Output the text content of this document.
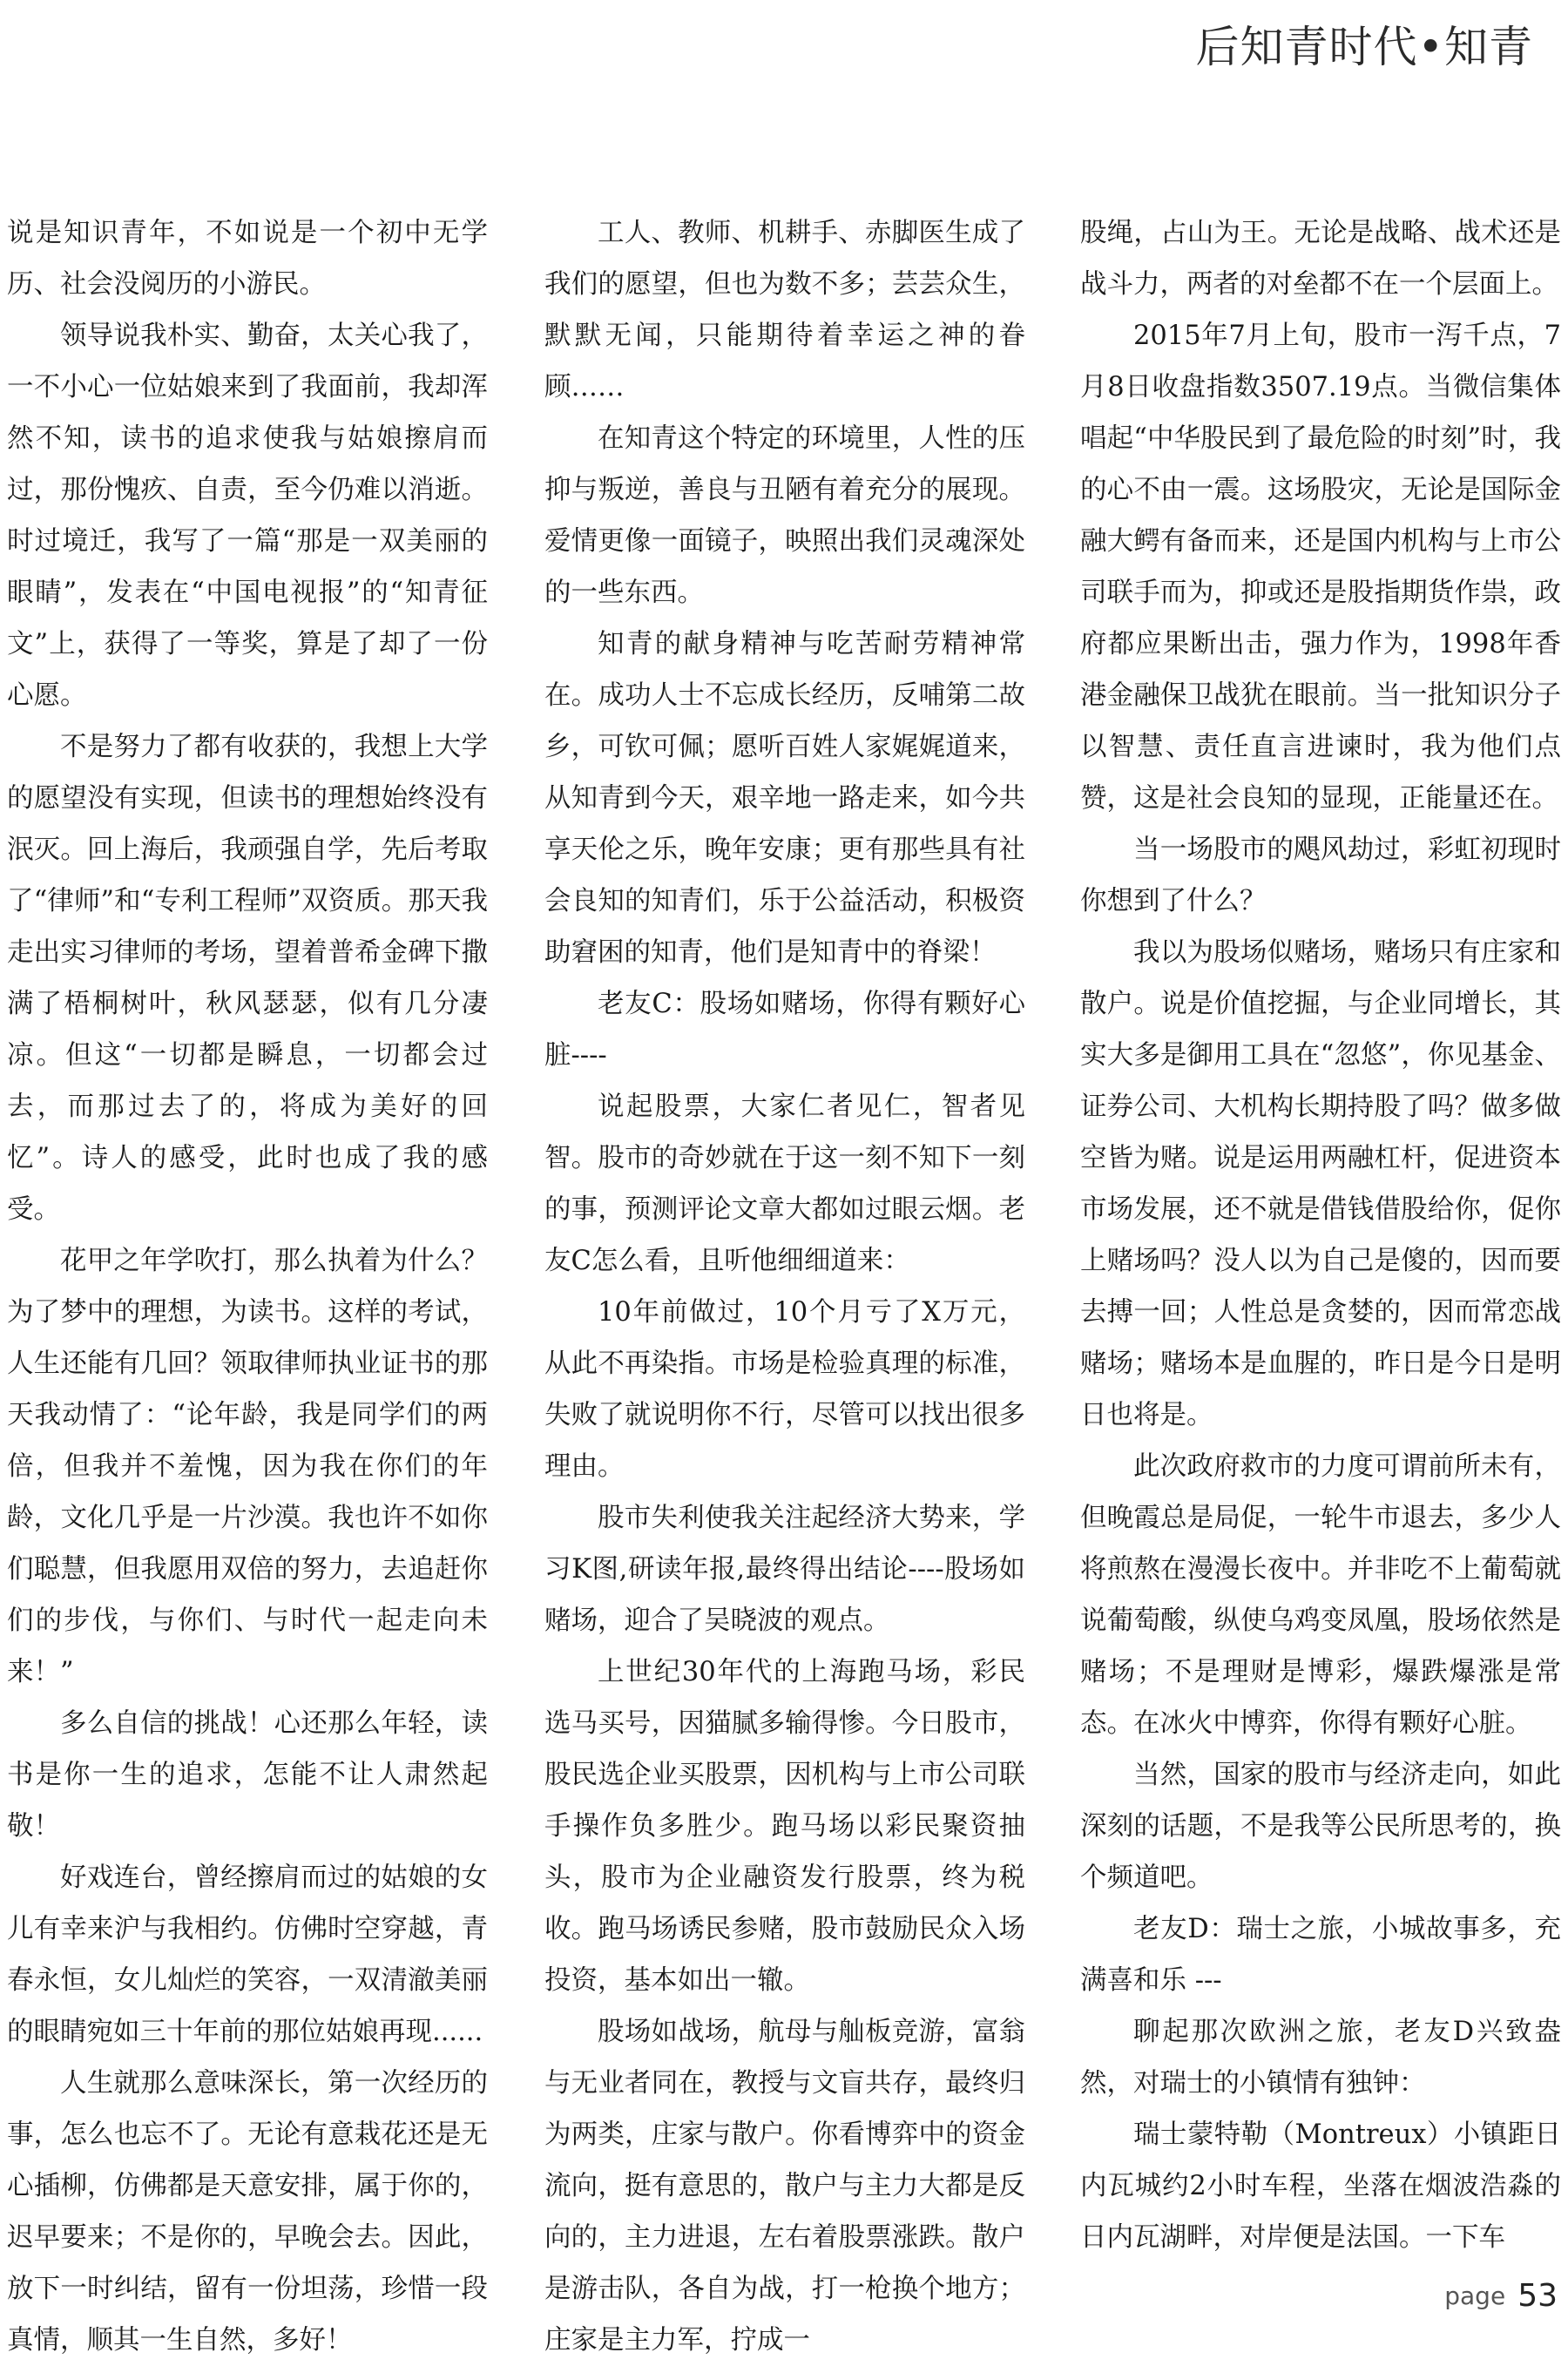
后知青时代•知青

说是知识青年，不如说是一个初中无学历、社会没阅历的小游民。

领导说我朴实、勤奋，太关心我了，一不小心一位姑娘来到了我面前，我却浑然不知，读书的追求使我与姑娘擦肩而过，那份愧疚、自责，至今仍难以消逝。时过境迁，我写了一篇“那是一双美丽的眼睛”，发表在“中国电视报”的“知青征文”上，获得了一等奖，算是了却了一份心愿。

不是努力了都有收获的，我想上大学的愿望没有实现，但读书的理想始终没有泯灭。回上海后，我顽强自学，先后考取了“律师”和“专利工程师”双资质。那天我走出实习律师的考场，望着普希金碑下撒满了梧桐树叶，秋风瑟瑟，似有几分凄凉。但这“一切都是瞬息，一切都会过去，而那过去了的，将成为美好的回忆”。诗人的感受，此时也成了我的感受。

花甲之年学吹打，那么执着为什么？为了梦中的理想，为读书。这样的考试，人生还能有几回？领取律师执业证书的那天我动情了：“论年龄，我是同学们的两倍，但我并不羞愧，因为我在你们的年龄，文化几乎是一片沙漠。我也许不如你们聪慧，但我愿用双倍的努力，去追赶你们的步伐，与你们、与时代一起走向未来！”

多么自信的挑战！心还那么年轻，读书是你一生的追求，怎能不让人肃然起敬！

好戏连台，曾经擦肩而过的姑娘的女儿有幸来沪与我相约。仿佛时空穿越，青春永恒，女儿灿烂的笑容，一双清澈美丽的眼睛宛如三十年前的那位姑娘再现......

人生就那么意味深长，第一次经历的事，怎么也忘不了。无论有意栽花还是无心插柳，仿佛都是天意安排，属于你的，迟早要来；不是你的，早晚会去。因此，放下一时纠结，留有一份坦荡，珍惜一段真情，顺其一生自然，多好！

工人、教师、机耕手、赤脚医生成了我们的愿望，但也为数不多；芸芸众生，默默无闻，只能期待着幸运之神的眷顾……

在知青这个特定的环境里，人性的压抑与叛逆，善良与丑陋有着充分的展现。爱情更像一面镜子，映照出我们灵魂深处的一些东西。

知青的献身精神与吃苦耐劳精神常在。成功人士不忘成长经历，反哺第二故乡，可钦可佩；愿听百姓人家娓娓道来，从知青到今天，艰辛地一路走来，如今共享天伦之乐，晚年安康；更有那些具有社会良知的知青们，乐于公益活动，积极资助窘困的知青，他们是知青中的脊梁！

老友C：股场如赌场，你得有颗好心脏----

说起股票，大家仁者见仁，智者见智。股市的奇妙就在于这一刻不知下一刻的事，预测评论文章大都如过眼云烟。老友C怎么看，且听他细细道来：

10年前做过，10个月亏了X万元，从此不再染指。市场是检验真理的标准，失败了就说明你不行，尽管可以找出很多理由。

股市失利使我关注起经济大势来，学习K图,研读年报,最终得出结论----股场如赌场，迎合了吴晓波的观点。

上世纪30年代的上海跑马场，彩民选马买号，因猫腻多输得惨。今日股市，股民选企业买股票，因机构与上市公司联手操作负多胜少。跑马场以彩民聚资抽头，股市为企业融资发行股票，终为税收。跑马场诱民参赌，股市鼓励民众入场投资，基本如出一辙。

股场如战场，航母与舢板竞游，富翁与无业者同在，教授与文盲共存，最终归为两类，庄家与散户。你看博弈中的资金流向，挺有意思的，散户与主力大都是反向的，主力进退，左右着股票涨跌。散户是游击队，各自为战，打一枪换个地方；庄家是主力军，拧成一

股绳，占山为王。无论是战略、战术还是战斗力，两者的对垒都不在一个层面上。

2015年7月上旬，股市一泻千点，7月8日收盘指数3507.19点。当微信集体唱起“中华股民到了最危险的时刻”时，我的心不由一震。这场股灾，无论是国际金融大鳄有备而来，还是国内机构与上市公司联手而为，抑或还是股指期货作祟，政府都应果断出击，强力作为，1998年香港金融保卫战犹在眼前。当一批知识分子以智慧、责任直言进谏时，我为他们点赞，这是社会良知的显现，正能量还在。

当一场股市的飓风劫过，彩虹初现时你想到了什么？

我以为股场似赌场，赌场只有庄家和散户。说是价值挖掘，与企业同增长，其实大多是御用工具在“忽悠”，你见基金、证券公司、大机构长期持股了吗？做多做空皆为赌。说是运用两融杠杆，促进资本市场发展，还不就是借钱借股给你，促你上赌场吗？没人以为自己是傻的，因而要去搏一回；人性总是贪婪的，因而常恋战赌场；赌场本是血腥的，昨日是今日是明日也将是。

此次政府救市的力度可谓前所未有，但晚霞总是局促，一轮牛市退去，多少人将煎熬在漫漫长夜中。并非吃不上葡萄就说葡萄酸，纵使乌鸡变凤凰，股场依然是赌场；不是理财是博彩，爆跌爆涨是常态。在冰火中博弈，你得有颗好心脏。

当然，国家的股市与经济走向，如此深刻的话题，不是我等公民所思考的，换个频道吧。

老友D：瑞士之旅，小城故事多，充满喜和乐 ---

聊起那次欧洲之旅，老友D兴致盎然，对瑞士的小镇情有独钟：

瑞士蒙特勒（Montreux）小镇距日内瓦城约2小时车程，坐落在烟波浩淼的日内瓦湖畔，对岸便是法国。一下车

page 53
